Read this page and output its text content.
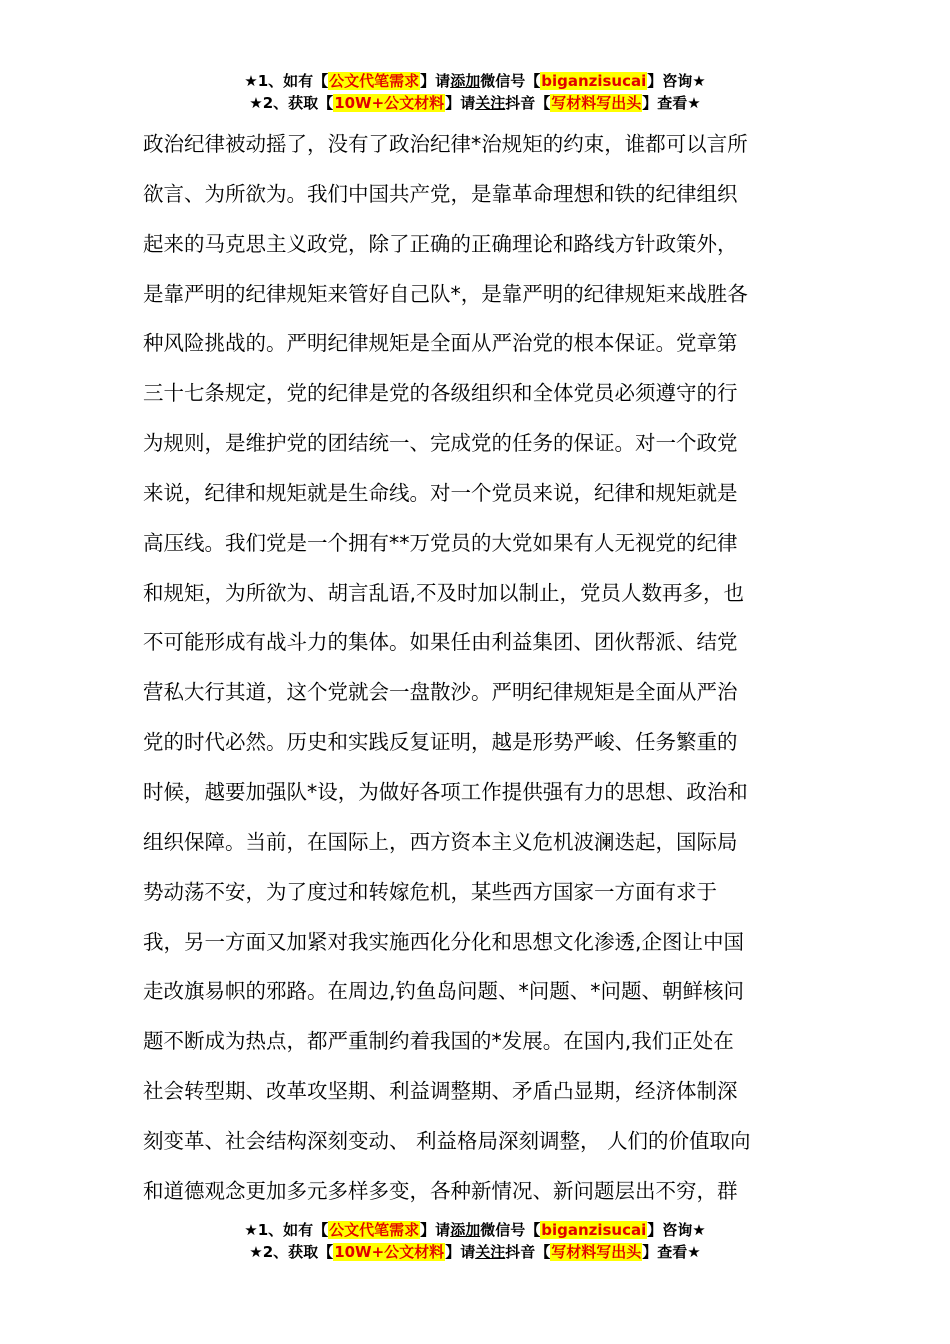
★1、如有【公文代笔需求】请添加微信号【biganzisucai】咨询★
★2、获取【10W+公文材料】请关注抖音【写材料写出头】查看★
政治纪律被动摇了，没有了政治纪律*治规矩的约束，谁都可以言所
欲言、为所欲为。我们中国共产党，是靠革命理想和铁的纪律组织
起来的马克思主义政党，除了正确的正确理论和路线方针政策外，
是靠严明的纪律规矩来管好自己队*，是靠严明的纪律规矩来战胜各
种风险挑战的。严明纪律规矩是全面从严治党的根本保证。党章第
三十七条规定，党的纪律是党的各级组织和全体党员必须遵守的行
为规则，是维护党的团结统一、完成党的任务的保证。对一个政党
来说，纪律和规矩就是生命线。对一个党员来说，纪律和规矩就是
高压线。我们党是一个拥有**万党员的大党如果有人无视党的纪律
和规矩，为所欲为、胡言乱语,不及时加以制止，党员人数再多，也
不可能形成有战斗力的集体。如果任由利益集团、团伙帮派、结党
营私大行其道，这个党就会一盘散沙。严明纪律规矩是全面从严治
党的时代必然。历史和实践反复证明，越是形势严峻、任务繁重的
时候，越要加强队*设，为做好各项工作提供强有力的思想、政治和
组织保障。当前，在国际上，西方资本主义危机波澜迭起，国际局
势动荡不安，为了度过和转嫁危机，某些西方国家一方面有求于
我，另一方面又加紧对我实施西化分化和思想文化渗透,企图让中国
走改旗易帜的邪路。在周边,钓鱼岛问题、*问题、*问题、朝鲜核问
题不断成为热点，都严重制约着我国的*发展。在国内,我们正处在
社会转型期、改革攻坚期、利益调整期、矛盾凸显期，经济体制深
刻变革、社会结构深刻变动、 利益格局深刻调整， 人们的价值取向
和道德观念更加多元多样多变，各种新情况、新问题层出不穷，群
★1、如有【公文代笔需求】请添加微信号【biganzisucai】咨询★
★2、获取【10W+公文材料】请关注抖音【写材料写出头】查看★
